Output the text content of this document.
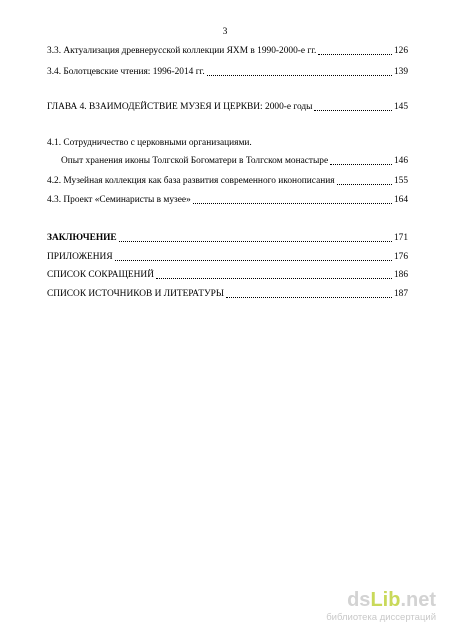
3
3.3. Актуализация древнерусской коллекции ЯХМ в 1990-2000-е гг.	126
3.4. Болотцевские чтения: 1996-2014 гг.	139
ГЛАВА 4. ВЗАИМОДЕЙСТВИЕ МУЗЕЯ И ЦЕРКВИ: 2000-е годы	145
4.1. Сотрудничество с церковными организациями.
Опыт хранения иконы Толгской Богоматери в Толгском монастыре	146
4.2. Музейная коллекция как база развития современного иконописания	155
4.3. Проект «Семинаристы в музее»	164
ЗАКЛЮЧЕНИЕ	171
ПРИЛОЖЕНИЯ	176
СПИСОК СОКРАЩЕНИЙ	186
СПИСОК ИСТОЧНИКОВ И ЛИТЕРАТУРЫ	187
dsLib.net
библиотека диссертаций
